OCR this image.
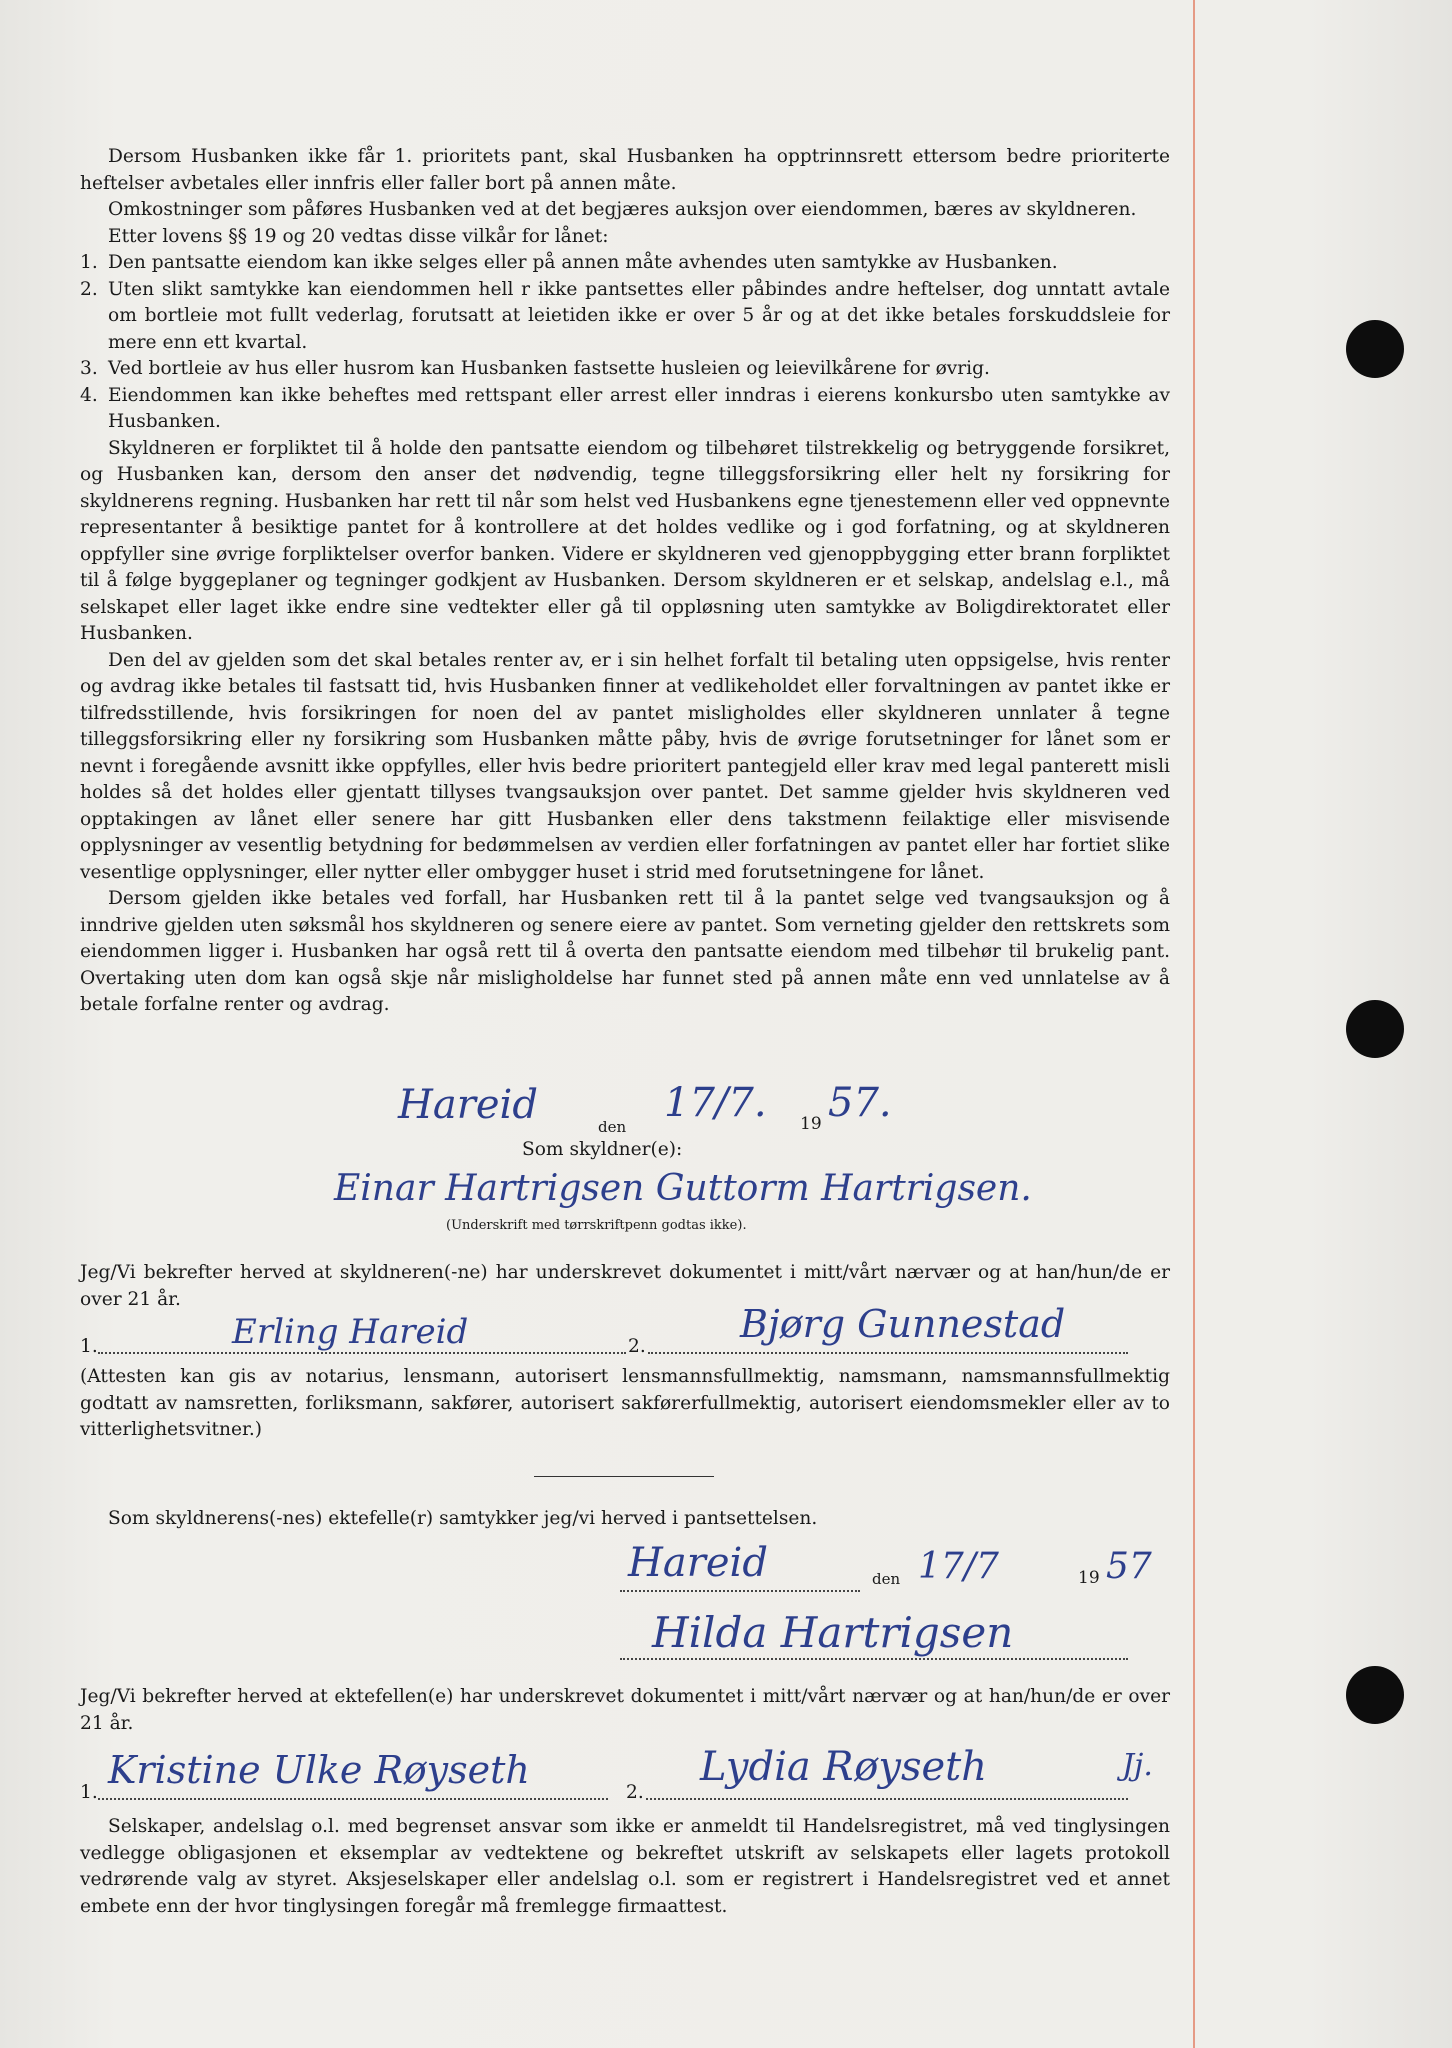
Dersom Husbanken ikke får 1. prioritets pant, skal Husbanken ha opptrinnsrett ettersom bedre prioriterte heftelser avbetales eller innfris eller faller bort på annen måte.

Omkostninger som påføres Husbanken ved at det begjæres auksjon over eiendommen, bæres av skyldneren.

Etter lovens §§ 19 og 20 vedtas disse vilkår for lånet:

1. Den pantsatte eiendom kan ikke selges eller på annen måte avhendes uten samtykke av Husbanken.
2. Uten slikt samtykke kan eiendommen hell r ikke pantsettes eller påbindes andre heftelser, dog unntatt avtale om bortleie mot fullt vederlag, forutsatt at leietiden ikke er over 5 år og at det ikke betales forskuddsleie for mere enn ett kvartal.
3. Ved bortleie av hus eller husrom kan Husbanken fastsette husleien og leievilkårene for øvrig.
4. Eiendommen kan ikke beheftes med rettspant eller arrest eller inndras i eierens konkursbo uten samtykke av Husbanken.

Skyldneren er forpliktet til å holde den pantsatte eiendom og tilbehøret tilstrekkelig og betryggende forsikret, og Husbanken kan, dersom den anser det nødvendig, tegne tilleggsforsikring eller helt ny forsikring for skyldnerens regning. Husbanken har rett til når som helst ved Husbankens egne tjenestemenn eller ved oppnevnte representanter å besiktige pantet for å kontrollere at det holdes vedlike og i god forfatning, og at skyldneren oppfyller sine øvrige forpliktelser overfor banken. Videre er skyldneren ved gjenoppbygging etter brann forpliktet til å følge byggeplaner og tegninger godkjent av Husbanken. Dersom skyldneren er et selskap, andelslag e.l., må selskapet eller laget ikke endre sine vedtekter eller gå til oppløsning uten samtykke av Boligdirektoratet eller Husbanken.

Den del av gjelden som det skal betales renter av, er i sin helhet forfalt til betaling uten oppsigelse, hvis renter og avdrag ikke betales til fastsatt tid, hvis Husbanken finner at vedlikeholdet eller forvaltningen av pantet ikke er tilfredsstillende, hvis forsikringen for noen del av pantet misligholdes eller skyldneren unnlater å tegne tilleggsforsikring eller ny forsikring som Husbanken måtte påby, hvis de øvrige forutsetninger for lånet som er nevnt i foregående avsnitt ikke oppfylles, eller hvis bedre prioritert pantegjeld eller krav med legal panterett misli holdes så det holdes eller gjentatt tillyses tvangsauksjon over pantet. Det samme gjelder hvis skyldneren ved opptakingen av lånet eller senere har gitt Husbanken eller dens takstmenn feilaktige eller misvisende opplysninger av vesentlig betydning for bedømmelsen av verdien eller forfatningen av pantet eller har fortiet slike vesentlige opplysninger, eller nytter eller ombygger huset i strid med forutsetningene for lånet.

Dersom gjelden ikke betales ved forfall, har Husbanken rett til å la pantet selge ved tvangsauksjon og å inndrive gjelden uten søksmål hos skyldneren og senere eiere av pantet. Som verneting gjelder den rettskrets som eiendommen ligger i. Husbanken har også rett til å overta den pantsatte eiendom med tilbehør til brukelig pant. Overtaking uten dom kan også skje når misligholdelse har funnet sted på annen måte enn ved unnlatelse av å betale forfalne renter og avdrag.

Hareid	den
17/7. 19 57.
Som skyldner(e):
Einar Hartrigsen Guttorm Hartrigsen.
(Underskrift med tørrskriftpenn godtas ikke).
Jeg/Vi bekrefter herved at skyldneren(-ne) har underskrevet dokumentet i mitt/vårt nærvær og at han/hun/de er over 21 år.
1.	Erling Hareid	2.
Bjørg Gunnestad
(Attesten kan gis av notarius, lensmann, autorisert lensmannsfullmektig, namsmann, namsmannsfullmektig godtatt av namsretten, forliksmann, sakfører, autorisert sakførerfullmektig, autorisert eiendomsmekler eller av to vitterlighetsvitner.)
Som skyldnerens(-nes) ektefelle(r) samtykker jeg/vi herved i pantsettelsen.
Hareid	den 17/7	19 57
Hilda Hartrigsen
Jeg/Vi bekrefter herved at ektefellen(e) har underskrevet dokumentet i mitt/vårt nærvær og at han/hun/de er over 21 år.
1.
Kristine Ulke Røyseth
2.
Lydia Røyseth	Jj.
Selskaper, andelslag o.l. med begrenset ansvar som ikke er anmeldt til Handelsregistret, må ved tinglysingen vedlegge obligasjonen et eksemplar av vedtektene og bekreftet utskrift av selskapets eller lagets protokoll vedrørende valg av styret. Aksjeselskaper eller andelslag o.l. som er registrert i Handelsregistret ved et annet embete enn der hvor tinglysingen foregår må fremlegge firmaattest.
